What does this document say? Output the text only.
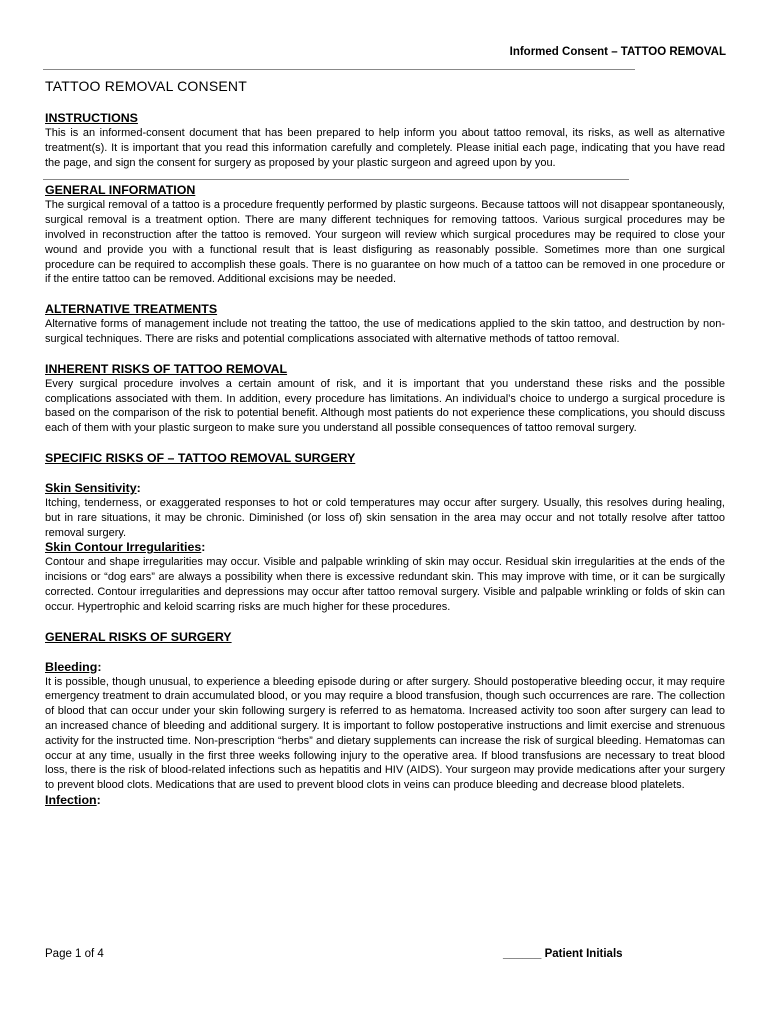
Informed Consent – TATTOO REMOVAL
TATTOO REMOVAL CONSENT
INSTRUCTIONS

This is an informed-consent document that has been prepared to help inform you about tattoo removal, its risks, as well as alternative treatment(s). It is important that you read this information carefully and completely. Please initial each page, indicating that you have read the page, and sign the consent for surgery as proposed by your plastic surgeon and agreed upon by you.

GENERAL INFORMATION

The surgical removal of a tattoo is a procedure frequently performed by plastic surgeons. Because tattoos will not disappear spontaneously, surgical removal is a treatment option. There are many different techniques for removing tattoos. Various surgical procedures may be involved in reconstruction after the tattoo is removed. Your surgeon will review which surgical procedures may be required to close your wound and provide you with a functional result that is least disfiguring as reasonably possible. Sometimes more than one surgical procedure can be required to accomplish these goals. There is no guarantee on how much of a tattoo can be removed in one procedure or if the entire tattoo can be removed. Additional excisions may be needed.

ALTERNATIVE TREATMENTS

Alternative forms of management include not treating the tattoo, the use of medications applied to the skin tattoo, and destruction by non-surgical techniques. There are risks and potential complications associated with alternative methods of tattoo removal.

INHERENT RISKS OF TATTOO REMOVAL

Every surgical procedure involves a certain amount of risk, and it is important that you understand these risks and the possible complications associated with them. In addition, every procedure has limitations. An individual’s choice to undergo a surgical procedure is based on the comparison of the risk to potential benefit. Although most patients do not experience these complications, you should discuss each of them with your plastic surgeon to make sure you understand all possible consequences of tattoo removal surgery.

SPECIFIC RISKS OF – TATTOO REMOVAL SURGERY
Skin Sensitivity:

Itching, tenderness, or exaggerated responses to hot or cold temperatures may occur after surgery. Usually, this resolves during healing, but in rare situations, it may be chronic. Diminished (or loss of) skin sensation in the area may occur and not totally resolve after tattoo removal surgery.

Skin Contour Irregularities:

Contour and shape irregularities may occur. Visible and palpable wrinkling of skin may occur. Residual skin irregularities at the ends of the incisions or “dog ears” are always a possibility when there is excessive redundant skin. This may improve with time, or it can be surgically corrected. Contour irregularities and depressions may occur after tattoo removal surgery. Visible and palpable wrinkling or folds of skin can occur. Hypertrophic and keloid scarring risks are much higher for these procedures.

GENERAL RISKS OF SURGERY
Bleeding:

It is possible, though unusual, to experience a bleeding episode during or after surgery. Should postoperative bleeding occur, it may require emergency treatment to drain accumulated blood, or you may require a blood transfusion, though such occurrences are rare. The collection of blood that can occur under your skin following surgery is referred to as hematoma. Increased activity too soon after surgery can lead to an increased chance of bleeding and additional surgery. It is important to follow postoperative instructions and limit exercise and strenuous activity for the instructed time. Non-prescription “herbs” and dietary supplements can increase the risk of surgical bleeding. Hematomas can occur at any time, usually in the first three weeks following injury to the operative area. If blood transfusions are necessary to treat blood loss, there is the risk of blood-related infections such as hepatitis and HIV (AIDS). Your surgeon may provide medications after your surgery to prevent blood clots. Medications that are used to prevent blood clots in veins can produce bleeding and decrease blood platelets.

Infection:
Page 1 of 4	______ Patient Initials
